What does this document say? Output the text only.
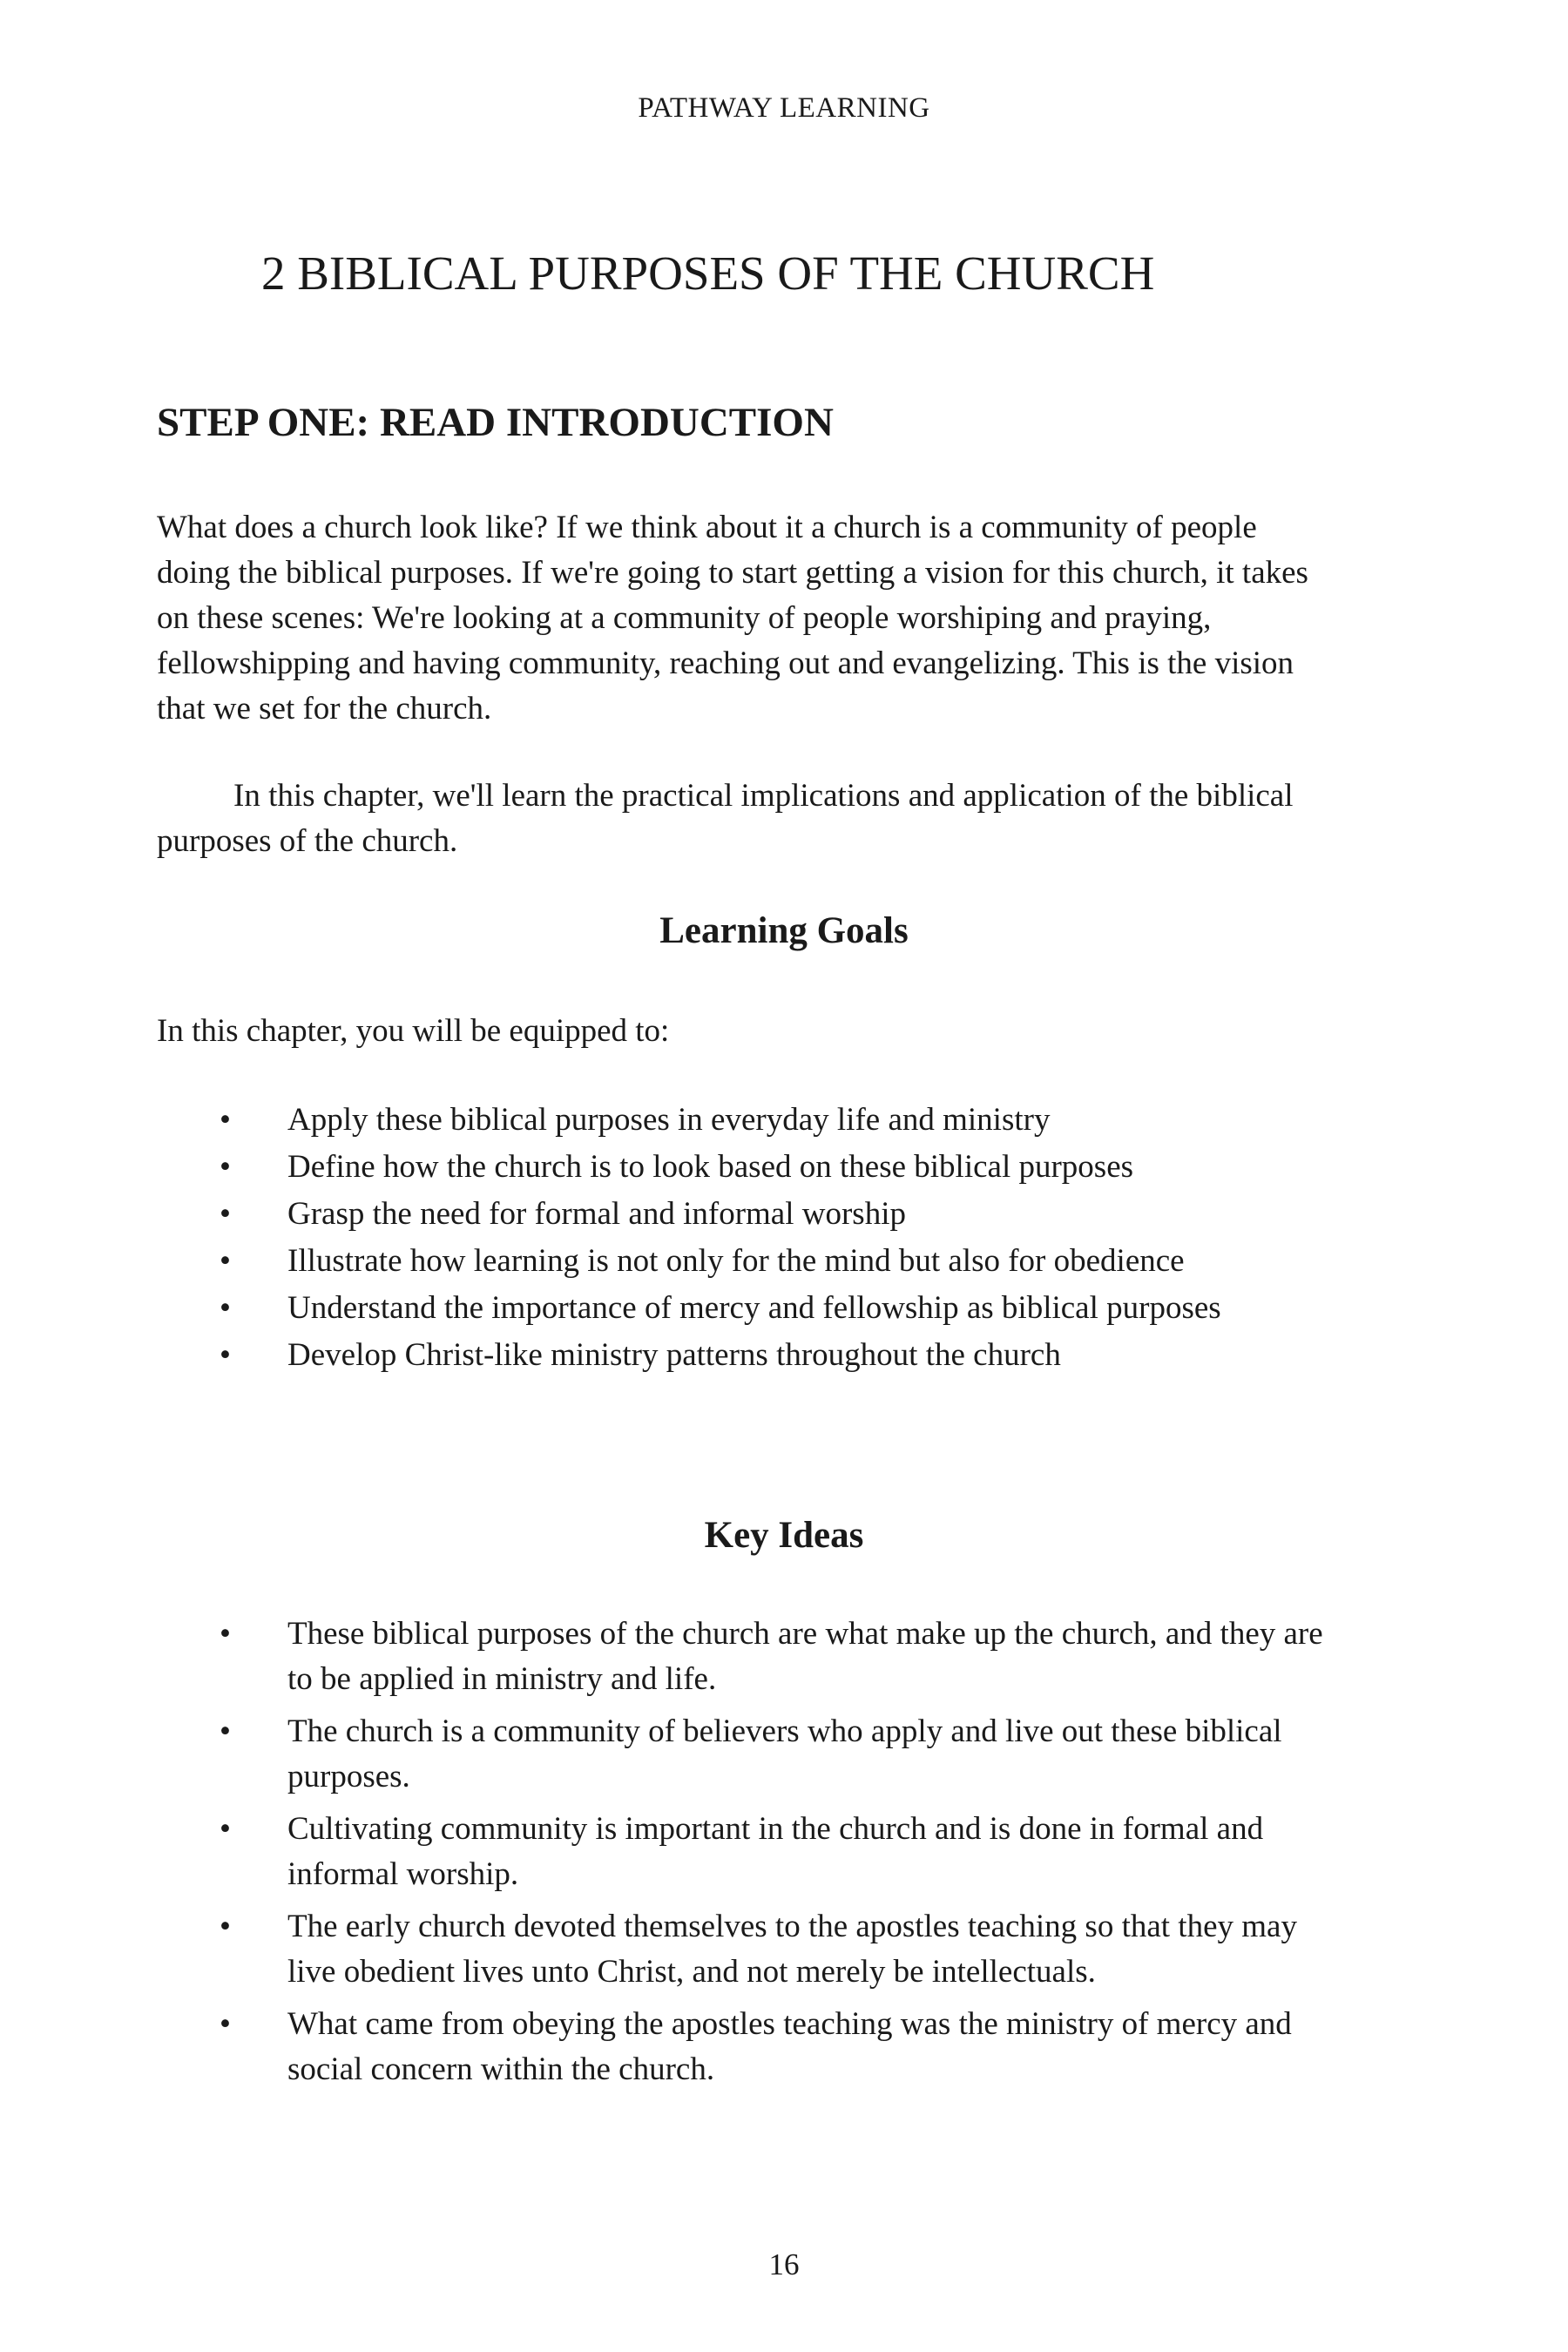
PATHWAY LEARNING
2 BIBLICAL PURPOSES OF THE CHURCH
STEP ONE: READ INTRODUCTION

What does a church look like? If we think about it a church is a community of people doing the biblical purposes. If we're going to start getting a vision for this church, it takes on these scenes: We're looking at a community of people worshiping and praying, fellowshipping and having community, reaching out and evangelizing. This is the vision that we set for the church.

In this chapter, we'll learn the practical implications and application of the biblical purposes of the church.

Learning Goals

In this chapter, you will be equipped to:

• Apply these biblical purposes in everyday life and ministry
• Define how the church is to look based on these biblical purposes
• Grasp the need for formal and informal worship
• Illustrate how learning is not only for the mind but also for obedience
• Understand the importance of mercy and fellowship as biblical purposes
• Develop Christ-like ministry patterns throughout the church
Key Ideas
• These biblical purposes of the church are what make up the church, and they are to be applied in ministry and life.
• The church is a community of believers who apply and live out these biblical purposes.
• Cultivating community is important in the church and is done in formal and informal worship.
• The early church devoted themselves to the apostles teaching so that they may live obedient lives unto Christ, and not merely be intellectuals.
• What came from obeying the apostles teaching was the ministry of mercy and social concern within the church.
16
